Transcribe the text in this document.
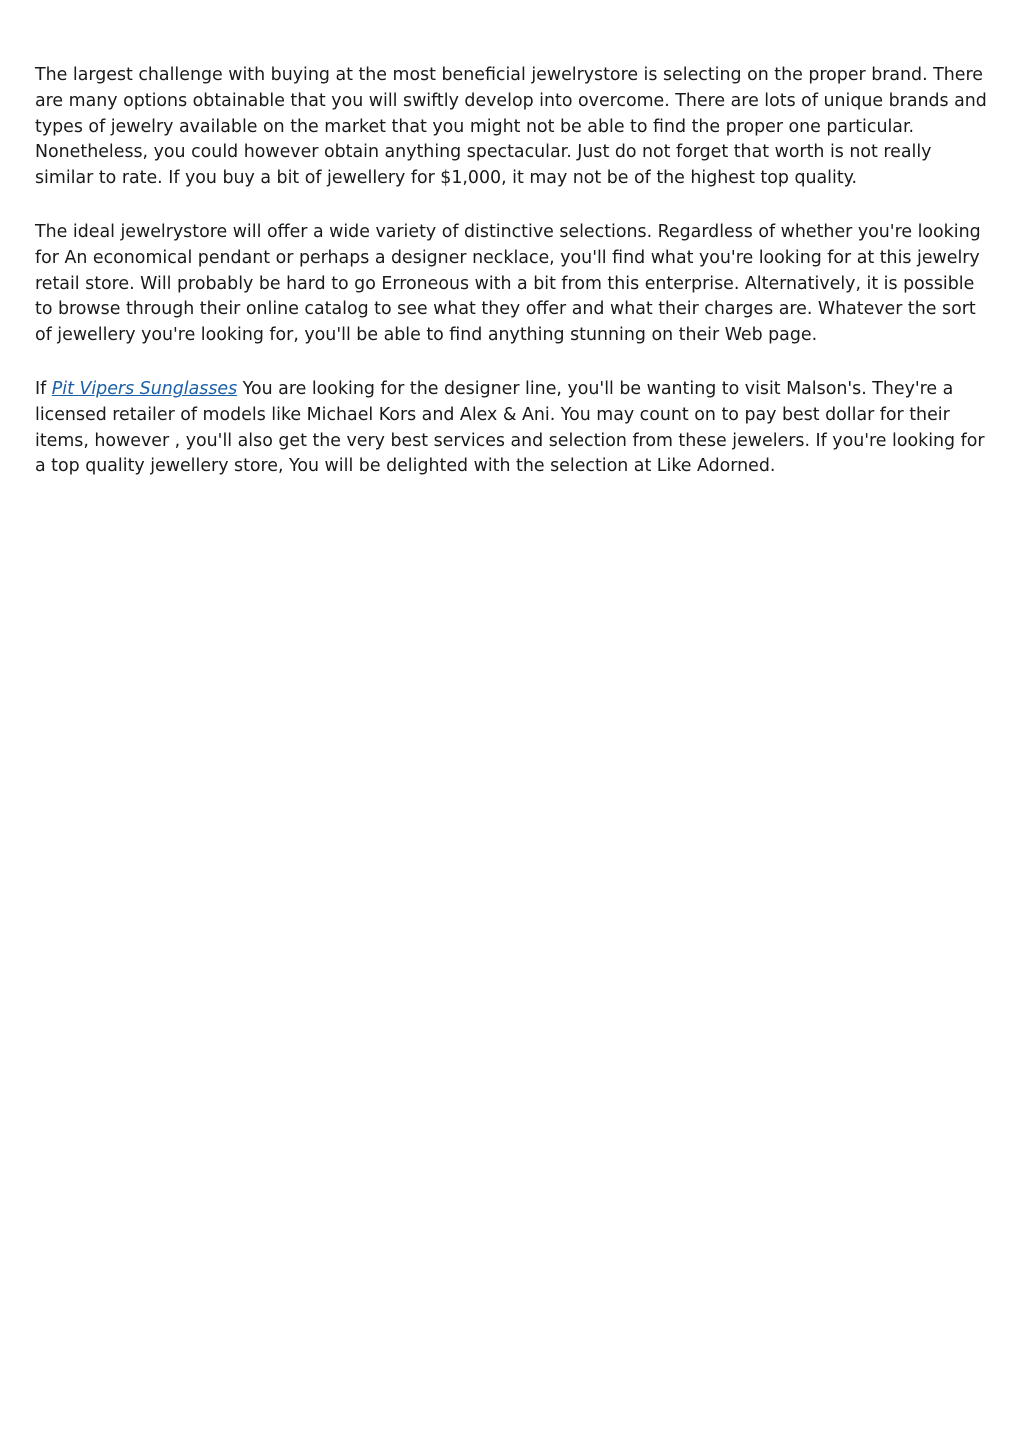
The largest challenge with buying at the most beneficial jewelrystore is selecting on the proper brand. There are many options obtainable that you will swiftly develop into overcome. There are lots of unique brands and types of jewelry available on the market that you might not be able to find the proper one particular. Nonetheless, you could however obtain anything spectacular. Just do not forget that worth is not really similar to rate. If you buy a bit of jewellery for $1,000, it may not be of the highest top quality.

The ideal jewelrystore will offer a wide variety of distinctive selections. Regardless of whether you're looking for An economical pendant or perhaps a designer necklace, you'll find what you're looking for at this jewelry retail store. Will probably be hard to go Erroneous with a bit from this enterprise. Alternatively, it is possible to browse through their online catalog to see what they offer and what their charges are. Whatever the sort of jewellery you're looking for, you'll be able to find anything stunning on their Web page.

If Pit Vipers Sunglasses You are looking for the designer line, you'll be wanting to visit Malson's. They're a licensed retailer of models like Michael Kors and Alex & Ani. You may count on to pay best dollar for their items, however , you'll also get the very best services and selection from these jewelers. If you're looking for a top quality jewellery store, You will be delighted with the selection at Like Adorned.
